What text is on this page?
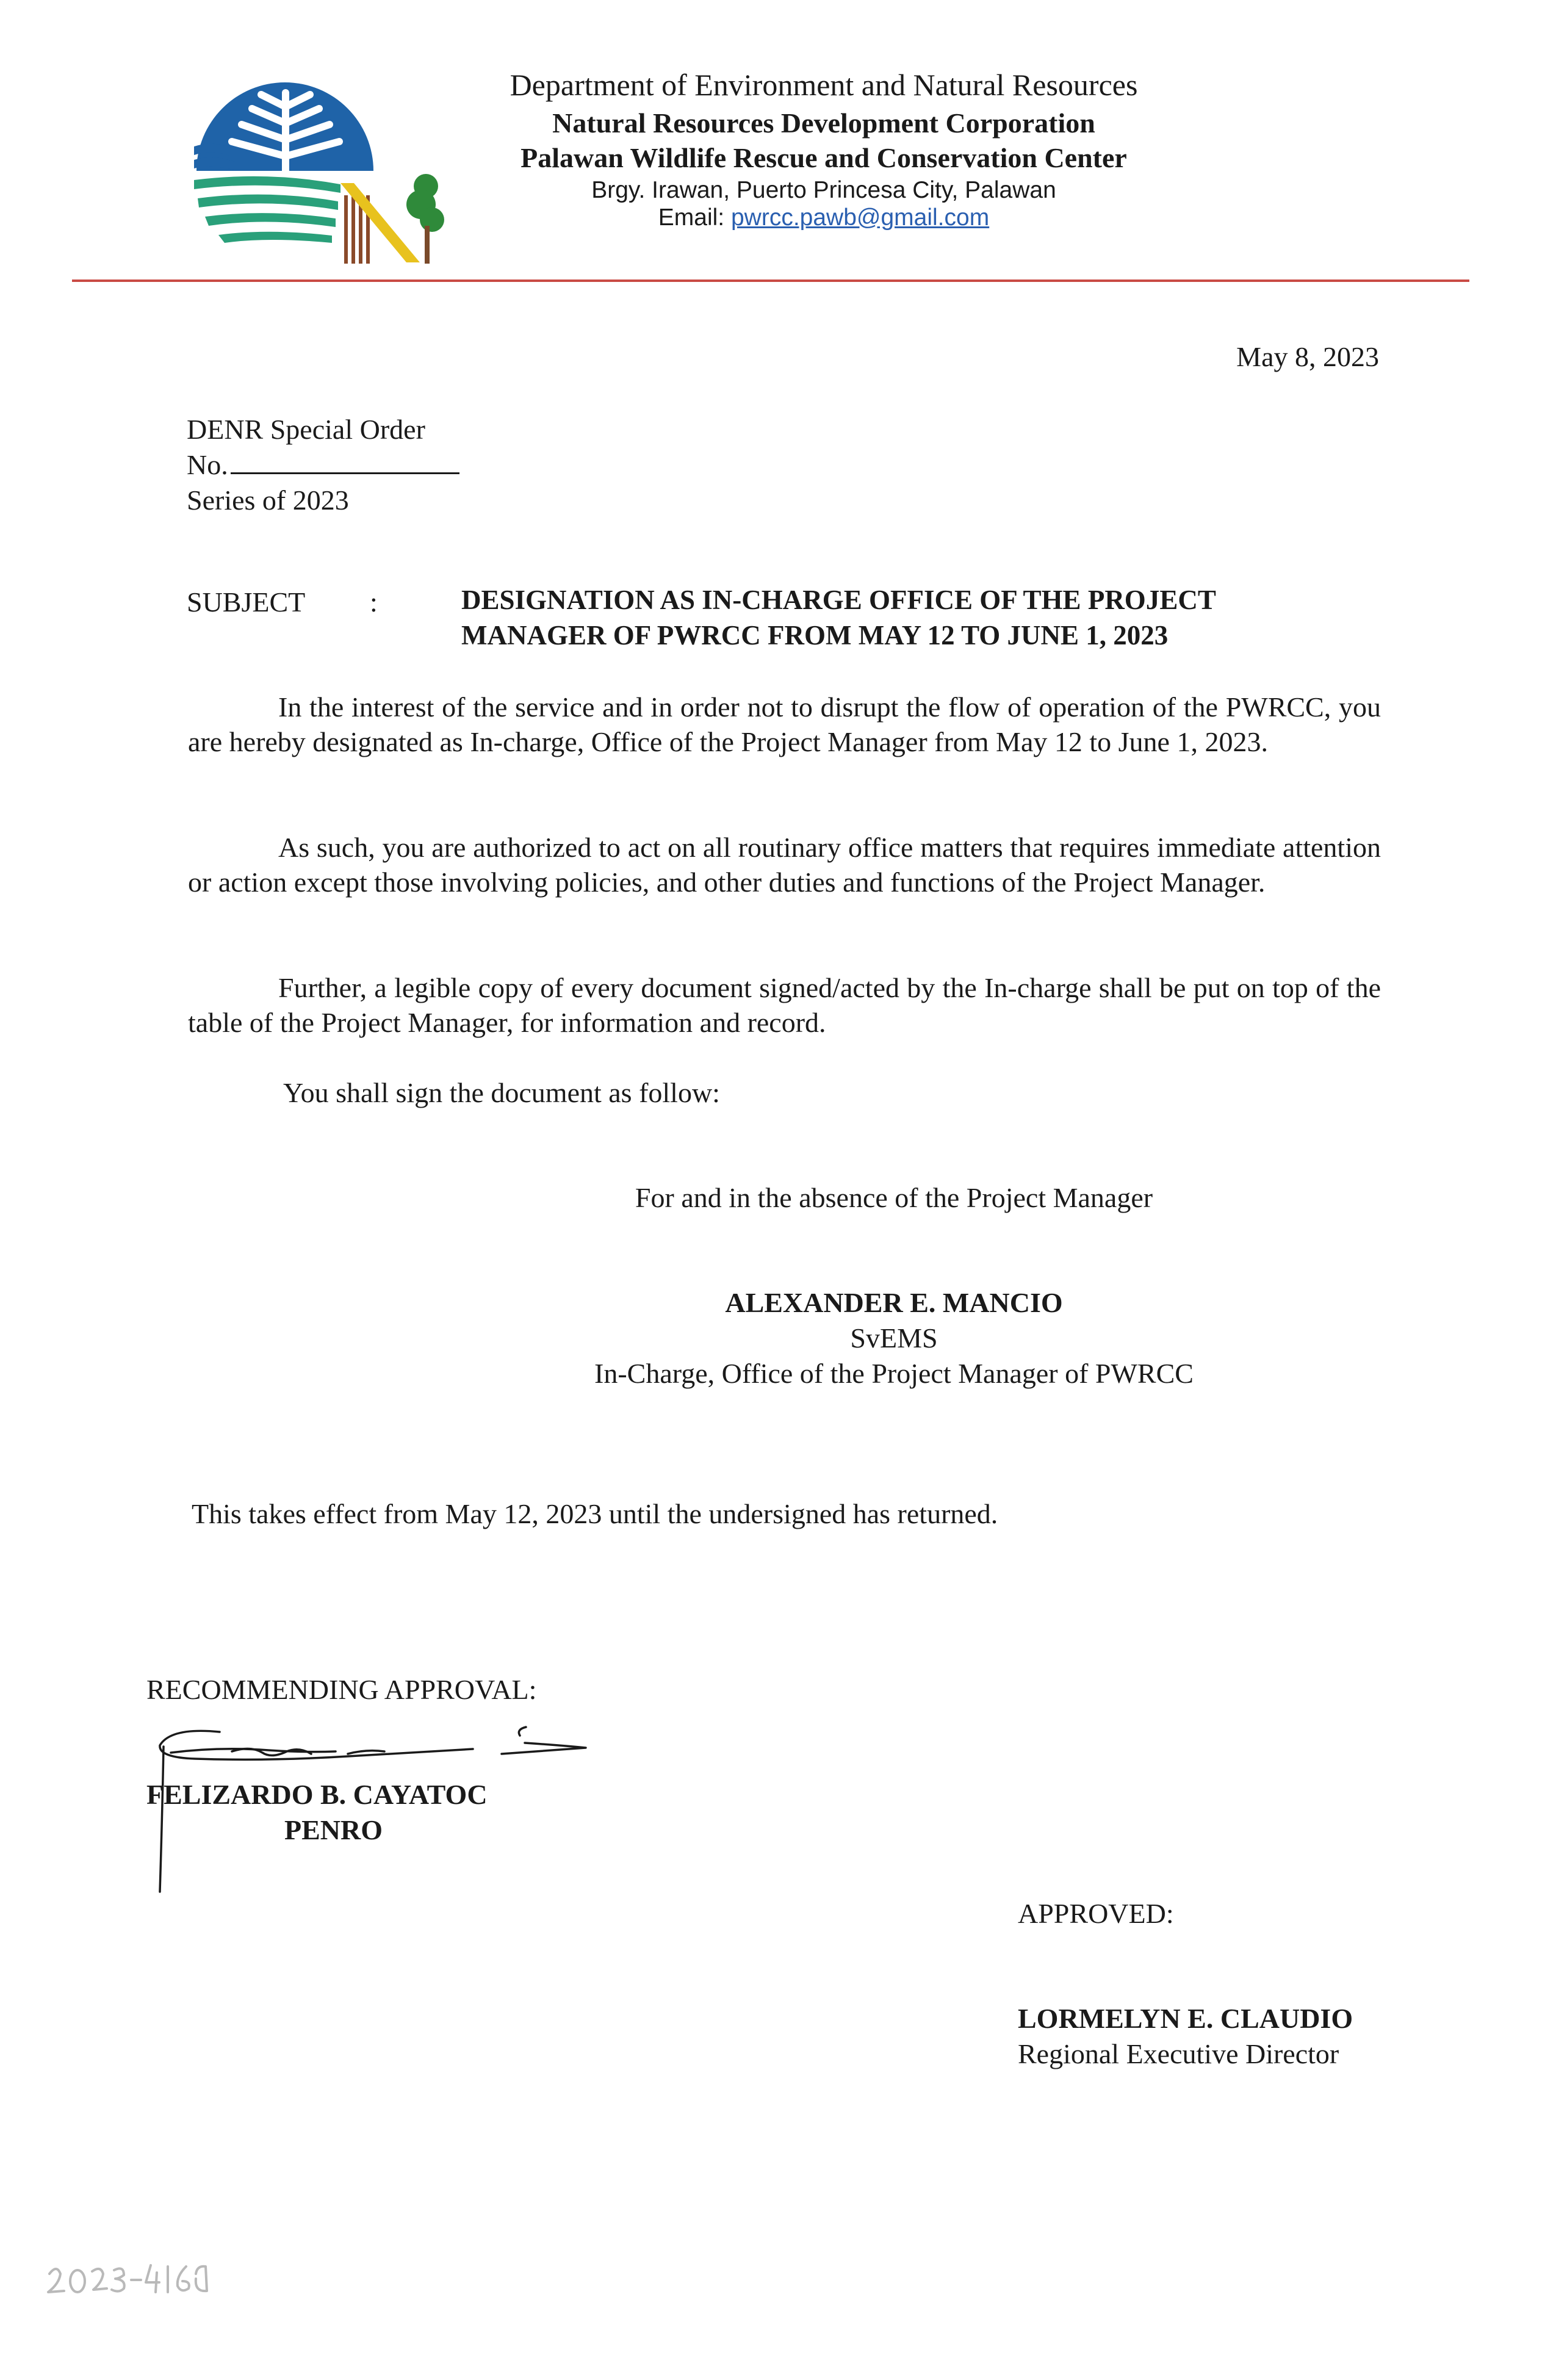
Department of Environment and Natural Resources
Natural Resources Development Corporation
Palawan Wildlife Rescue and Conservation Center
Brgy. Irawan, Puerto Princesa City, Palawan
Email: pwrcc.pawb@gmail.com
May 8, 2023
DENR Special Order
No.
Series of 2023
SUBJECT :	DESIGNATION AS IN-CHARGE OFFICE OF THE PROJECT
MANAGER OF PWRCC FROM MAY 12 TO JUNE 1, 2023
In the interest of the service and in order not to disrupt the flow of operation of the PWRCC, you are hereby designated as In-charge, Office of the Project Manager from May 12 to June 1, 2023.
As such, you are authorized to act on all routinary office matters that requires immediate attention or action except those involving policies, and other duties and functions of the Project Manager.
Further, a legible copy of every document signed/acted by the In-charge shall be put on top of the table of the Project Manager, for information and record.
You shall sign the document as follow:
For and in the absence of the Project Manager
ALEXANDER E. MANCIO
SvEMS
In-Charge, Office of the Project Manager of PWRCC
This takes effect from May 12, 2023 until the undersigned has returned.
RECOMMENDING APPROVAL:
FELIZARDO B. CAYATOC
PENRO
APPROVED:
LORMELYN E. CLAUDIO
Regional Executive Director
